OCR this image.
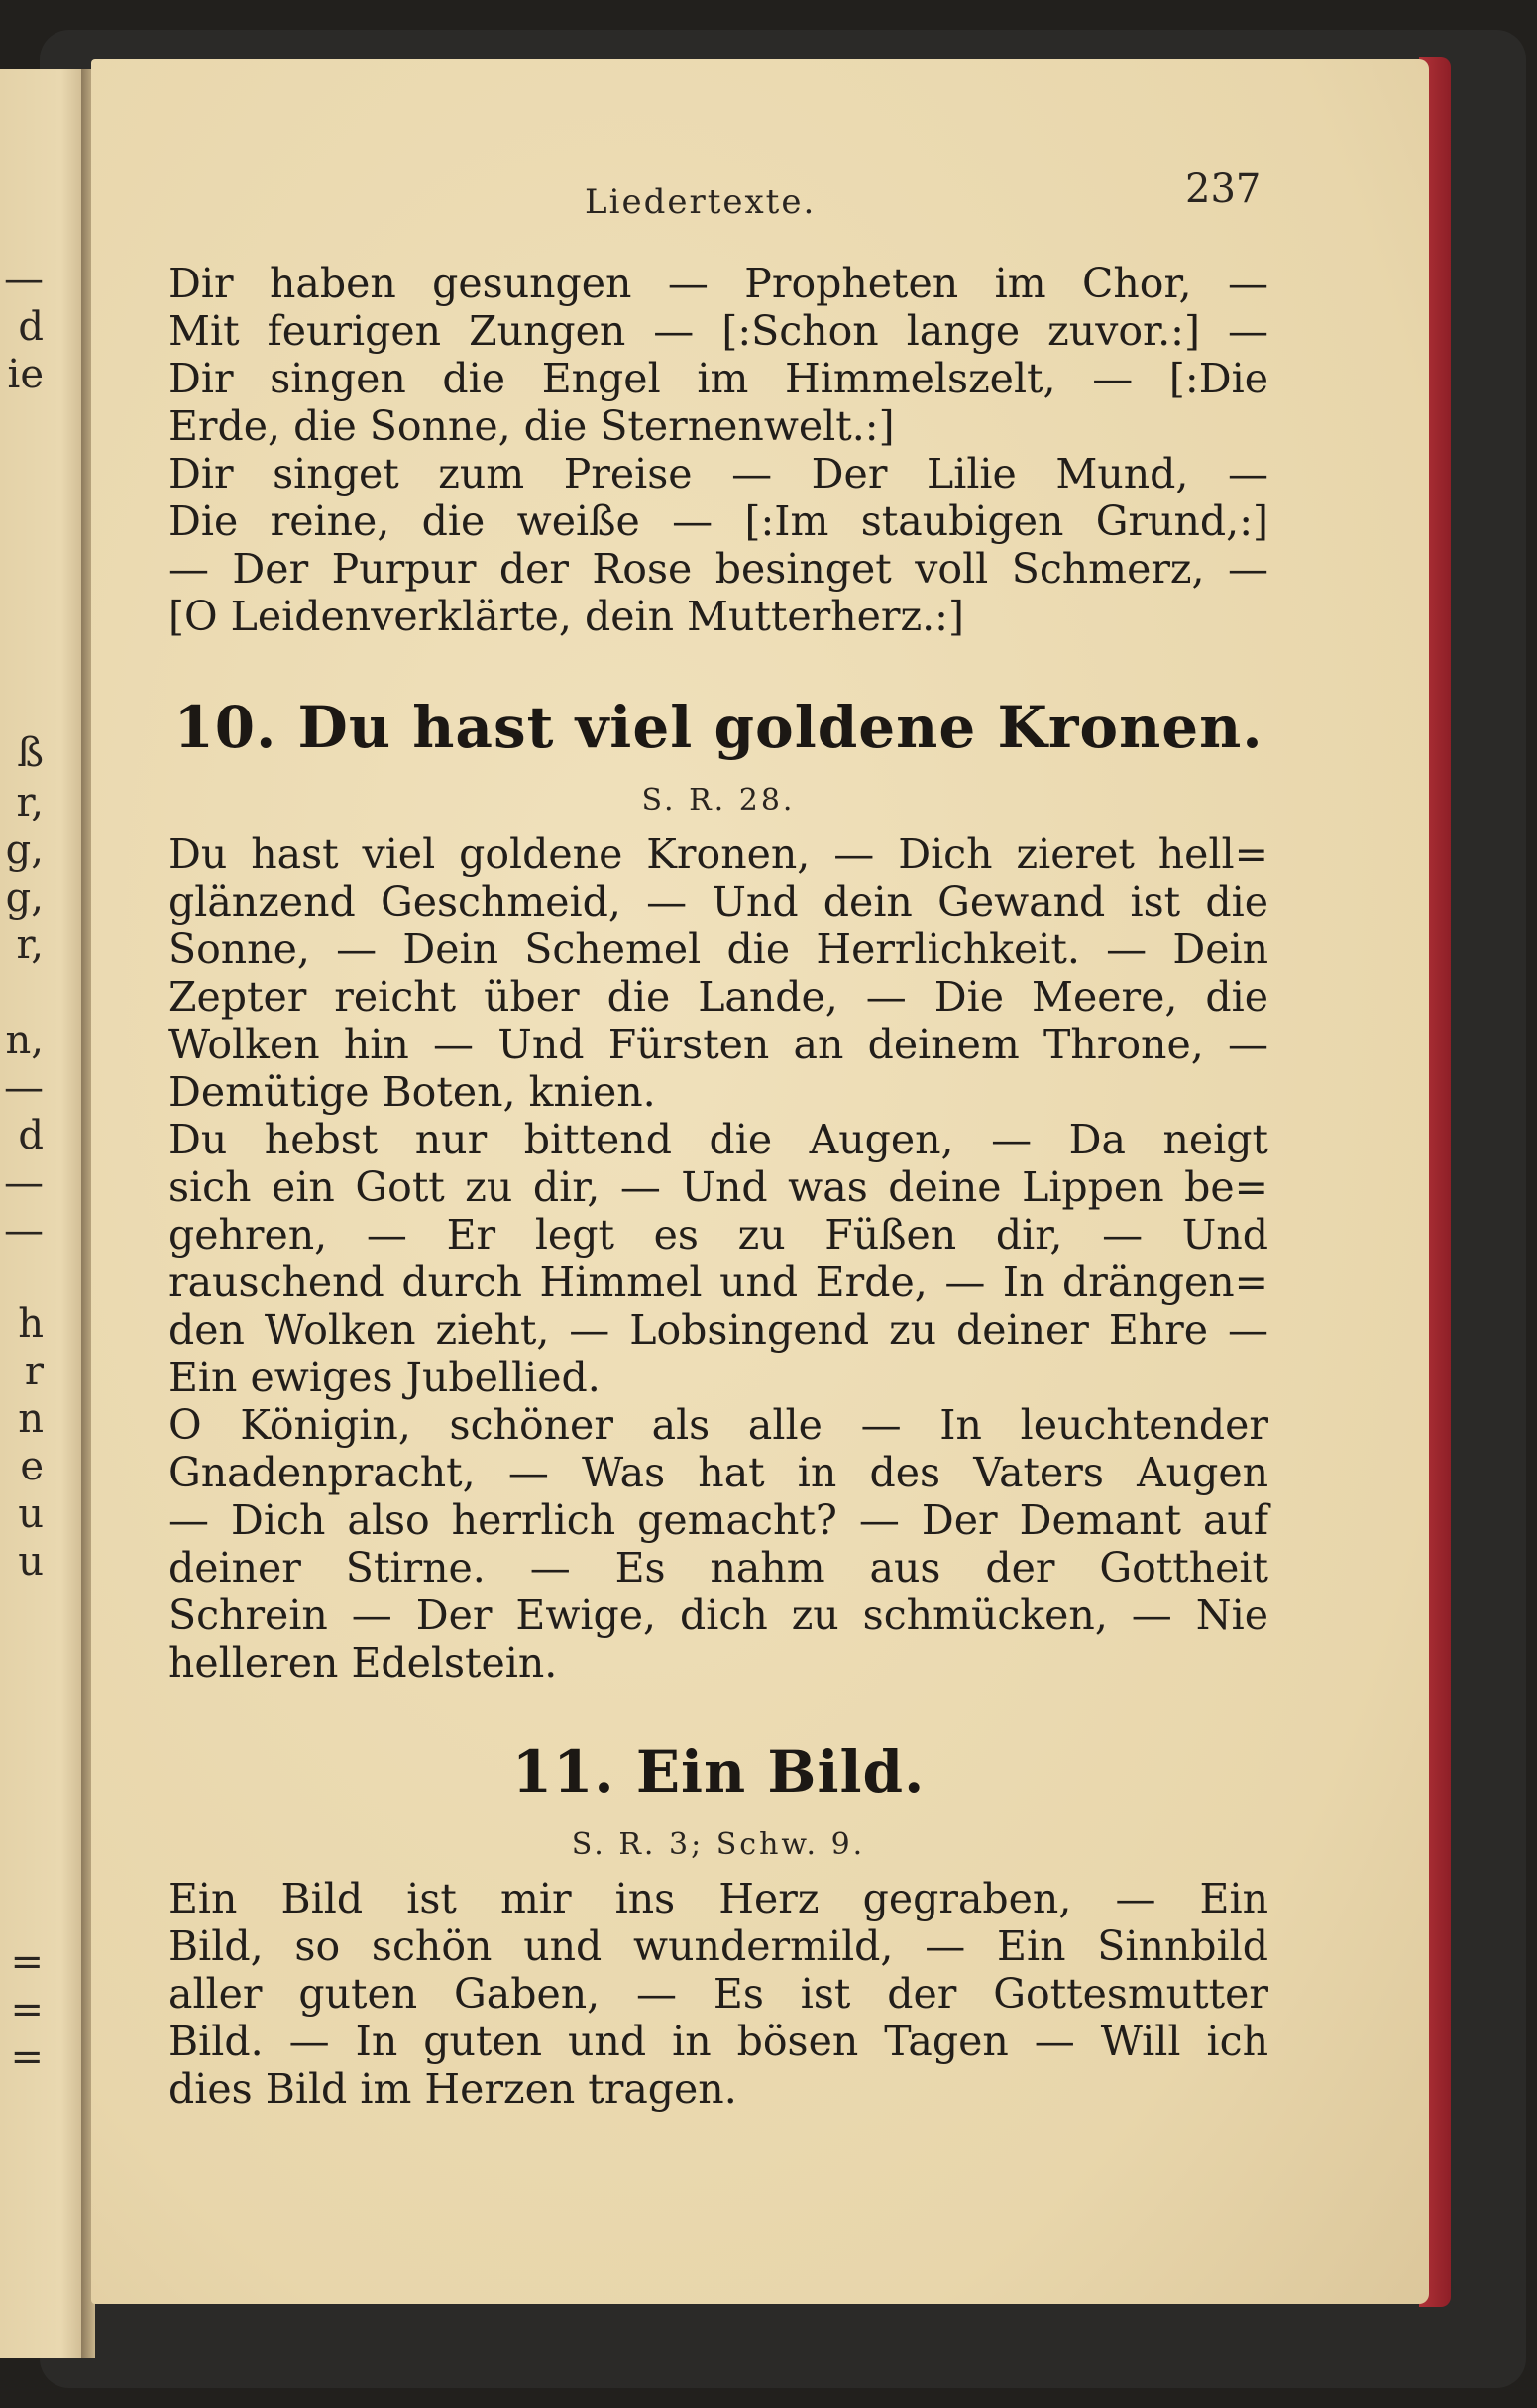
—
d
ie
ß
r,
g,
g,
r,
n,
—
d
—
—
h
r
n
e
u
u
=
=
=
Liedertexte.	237
Dir haben gesungen — Propheten im Chor, —
Mit feurigen Zungen — [:Schon lange zuvor.:] —
Dir singen die Engel im Himmelszelt, — [:Die
Erde, die Sonne, die Sternenwelt.:]
Dir singet zum Preise — Der Lilie Mund, —
Die reine, die weiße — [:Im staubigen Grund,:]
— Der Purpur der Rose besinget voll Schmerz, —
[O Leidenverklärte, dein Mutterherz.:]
10. Du hast viel goldene Kronen.
S. R. 28.
Du hast viel goldene Kronen, — Dich zieret hell=
glänzend Geschmeid, — Und dein Gewand ist die
Sonne, — Dein Schemel die Herrlichkeit. — Dein
Zepter reicht über die Lande, — Die Meere, die
Wolken hin — Und Fürsten an deinem Throne, —
Demütige Boten, knien.
Du hebst nur bittend die Augen, — Da neigt
sich ein Gott zu dir, — Und was deine Lippen be=
gehren, — Er legt es zu Füßen dir, — Und
rauschend durch Himmel und Erde, — In drängen=
den Wolken zieht, — Lobsingend zu deiner Ehre —
Ein ewiges Jubellied.
O Königin, schöner als alle — In leuchtender
Gnadenpracht, — Was hat in des Vaters Augen
— Dich also herrlich gemacht? — Der Demant auf
deiner Stirne. — Es nahm aus der Gottheit
Schrein — Der Ewige, dich zu schmücken, — Nie
helleren Edelstein.
11. Ein Bild.
S. R. 3; Schw. 9.
Ein Bild ist mir ins Herz gegraben, — Ein
Bild, so schön und wundermild, — Ein Sinnbild
aller guten Gaben, — Es ist der Gottesmutter
Bild. — In guten und in bösen Tagen — Will ich
dies Bild im Herzen tragen.
